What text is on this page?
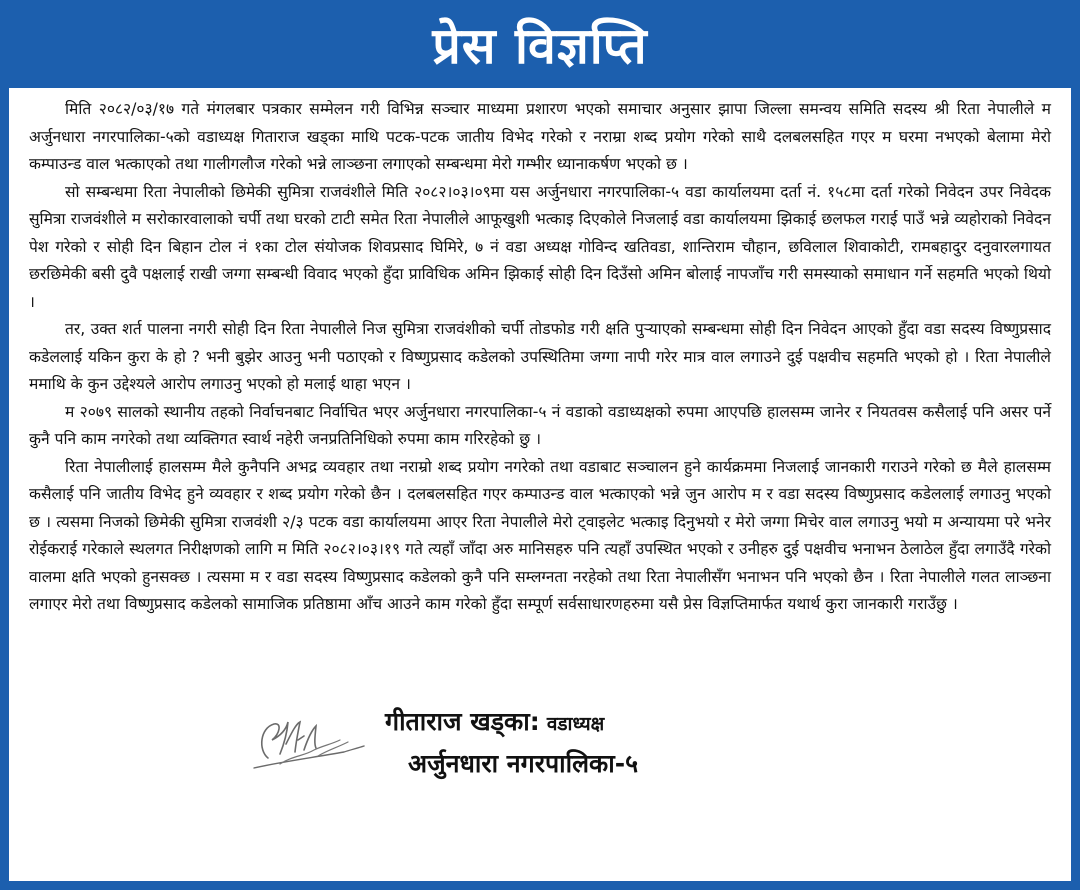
प्रेस विज्ञप्ति

मिति २०८२/०३/१७ गते मंगलबार पत्रकार सम्मेलन गरी विभिन्न सञ्चार माध्यमा प्रशारण भएको समाचार अनुसार झापा जिल्ला समन्वय समिति सदस्य श्री रिता नेपालीले म अर्जुनधारा नगरपालिका-५को वडाध्यक्ष गिताराज खड्का माथि पटक-पटक जातीय विभेद गरेको र नराम्रा शब्द प्रयोग गरेको साथै दलबलसहित गएर म घरमा नभएको बेलामा मेरो कम्पाउन्ड वाल भत्काएको तथा गालीगलौज गरेको भन्ने लाञ्छना लगाएको सम्बन्धमा मेरो गम्भीर ध्यानाकर्षण भएको छ ।

सो सम्बन्धमा रिता नेपालीको छिमेकी सुमित्रा राजवंशीले मिति २०८२।०३।०९मा यस अर्जुनधारा नगरपालिका-५ वडा कार्यालयमा दर्ता नं. १५८मा दर्ता गरेको निवेदन उपर निवेदक सुमित्रा राजवंशीले म सरोकारवालाको चर्पी तथा घरको टाटी समेत रिता नेपालीले आफूखुशी भत्काइ दिएकोले निजलाई वडा कार्यालयमा झिकाई छलफल गराई पाउँ भन्ने व्यहोराको निवेदन पेश गरेको र सोही दिन बिहान टोल नं १का टोल संयोजक शिवप्रसाद घिमिरे, ७ नं वडा अध्यक्ष गोविन्द खतिवडा, शान्तिराम चौहान, छविलाल शिवाकोटी, रामबहादुर दनुवारलगायत छरछिमेकी बसी दुवै पक्षलाई राखी जग्गा सम्बन्धी विवाद भएको हुँदा प्राविधिक अमिन झिकाई सोही दिन दिउँसो अमिन बोलाई नापजाँच गरी समस्याको समाधान गर्ने सहमति भएको थियो ।

तर, उक्त शर्त पालना नगरी सोही दिन रिता नेपालीले निज सुमित्रा राजवंशीको चर्पी तोडफोड गरी क्षति पुऱ्याएको सम्बन्धमा सोही दिन निवेदन आएको हुँदा वडा सदस्य विष्णुप्रसाद कडेललाई यकिन कुरा के हो ? भनी बुझेर आउनु भनी पठाएको र विष्णुप्रसाद कडेलको उपस्थितिमा जग्गा नापी गरेर मात्र वाल लगाउने दुई पक्षवीच सहमति भएको हो । रिता नेपालीले ममाथि के कुन उद्देश्यले आरोप लगाउनु भएको हो मलाई थाहा भएन ।

म २०७९ सालको स्थानीय तहको निर्वाचनबाट निर्वाचित भएर अर्जुनधारा नगरपालिका-५ नं वडाको वडाध्यक्षको रुपमा आएपछि हालसम्म जानेर र नियतवस कसैलाई पनि असर पर्ने कुनै पनि काम नगरेको तथा व्यक्तिगत स्वार्थ नहेरी जनप्रतिनिधिको रुपमा काम गरिरहेको छु ।

रिता नेपालीलाई हालसम्म मैले कुनैपनि अभद्र व्यवहार तथा नराम्रो शब्द प्रयोग नगरेको तथा वडाबाट सञ्चालन हुने कार्यक्रममा निजलाई जानकारी गराउने गरेको छ मैले हालसम्म कसैलाई पनि जातीय विभेद हुने व्यवहार र शब्द प्रयोग गरेको छैन । दलबलसहित गएर कम्पाउन्ड वाल भत्काएको भन्ने जुन आरोप म र वडा सदस्य विष्णुप्रसाद कडेललाई लगाउनु भएको छ । त्यसमा निजको छिमेकी सुमित्रा राजवंशी २/३ पटक वडा कार्यालयमा आएर रिता नेपालीले मेरो ट्वाइलेट भत्काइ दिनुभयो र मेरो जग्गा मिचेर वाल लगाउनु भयो म अन्यायमा परे भनेर रोईकराई गरेकाले स्थलगत निरीक्षणको लागि म मिति २०८२।०३।१९ गते त्यहाँ जाँदा अरु मानिसहरु पनि त्यहाँ उपस्थित भएको र उनीहरु दुई पक्षवीच भनाभन ठेलाठेल हुँदा लगाउँदै गरेको वालमा क्षति भएको हुनसक्छ । त्यसमा म र वडा सदस्य विष्णुप्रसाद कडेलको कुनै पनि सम्लग्नता नरहेको तथा रिता नेपालीसँग भनाभन पनि भएको छैन । रिता नेपालीले गलत लाञ्छना लगाएर मेरो तथा विष्णुप्रसाद कडेलको सामाजिक प्रतिष्ठामा आँच आउने काम गरेको हुँदा सम्पूर्ण सर्वसाधारणहरुमा यसै प्रेस विज्ञप्तिमार्फत यथार्थ कुरा जानकारी गराउँछु ।

गीताराज खड्का: वडाध्यक्ष
अर्जुनधारा नगरपालिका-५
